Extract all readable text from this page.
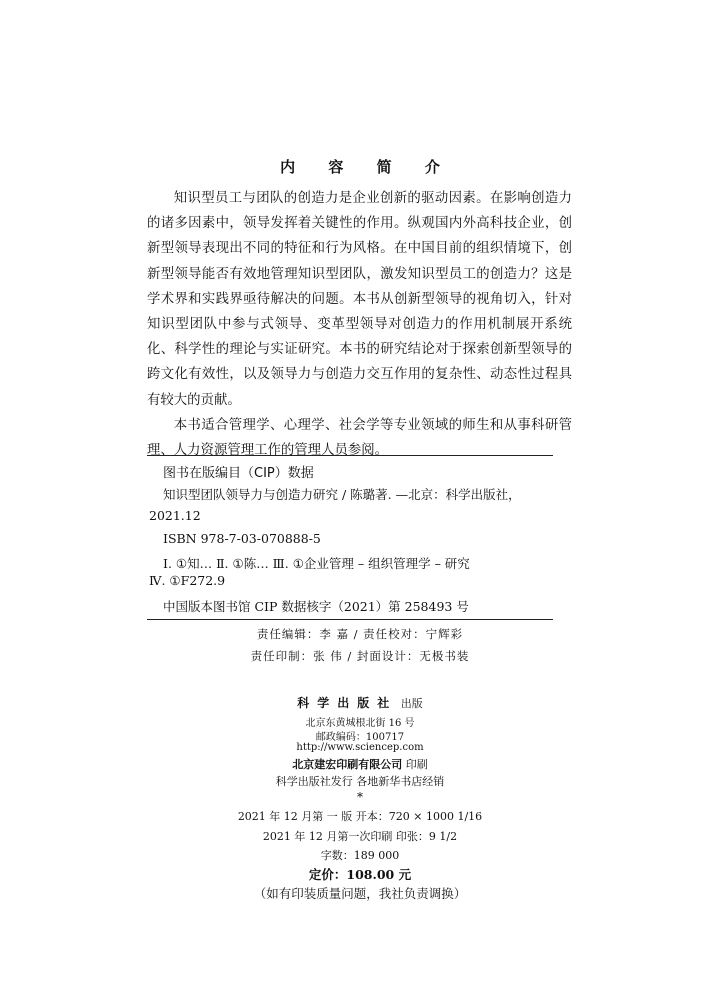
内 容 简 介

知识型员工与团队的创造力是企业创新的驱动因素。在影响创造力的诸多因素中，领导发挥着关键性的作用。纵观国内外高科技企业，创新型领导表现出不同的特征和行为风格。在中国目前的组织情境下，创新型领导能否有效地管理知识型团队，激发知识型员工的创造力？这是学术界和实践界亟待解决的问题。本书从创新型领导的视角切入，针对知识型团队中参与式领导、变革型领导对创造力的作用机制展开系统化、科学性的理论与实证研究。本书的研究结论对于探索创新型领导的跨文化有效性，以及领导力与创造力交互作用的复杂性、动态性过程具有较大的贡献。

本书适合管理学、心理学、社会学等专业领域的师生和从事科研管理、人力资源管理工作的管理人员参阅。

图书在版编目（CIP）数据
知识型团队领导力与创造力研究 / 陈璐著. —北京：科学出版社，
2021.12
ISBN 978-7-03-070888-5
Ⅰ. ①知… Ⅱ. ①陈… Ⅲ. ①企业管理 – 组织管理学 – 研究
Ⅳ. ①F272.9
中国版本图书馆 CIP 数据核字（2021）第 258493 号
责任编辑：李 嘉 / 责任校对：宁辉彩
责任印制：张 伟 / 封面设计：无极书装
科学出版社 出版
北京东黄城根北街 16 号
邮政编码：100717
http://www.sciencep.com
北京建宏印刷有限公司 印刷
科学出版社发行 各地新华书店经销
*
2021 年 12 月第 一 版 开本：720 × 1000 1/16
2021 年 12 月第一次印刷 印张：9 1/2
字数：189 000
定价：108.00 元
（如有印装质量问题，我社负责调换）
